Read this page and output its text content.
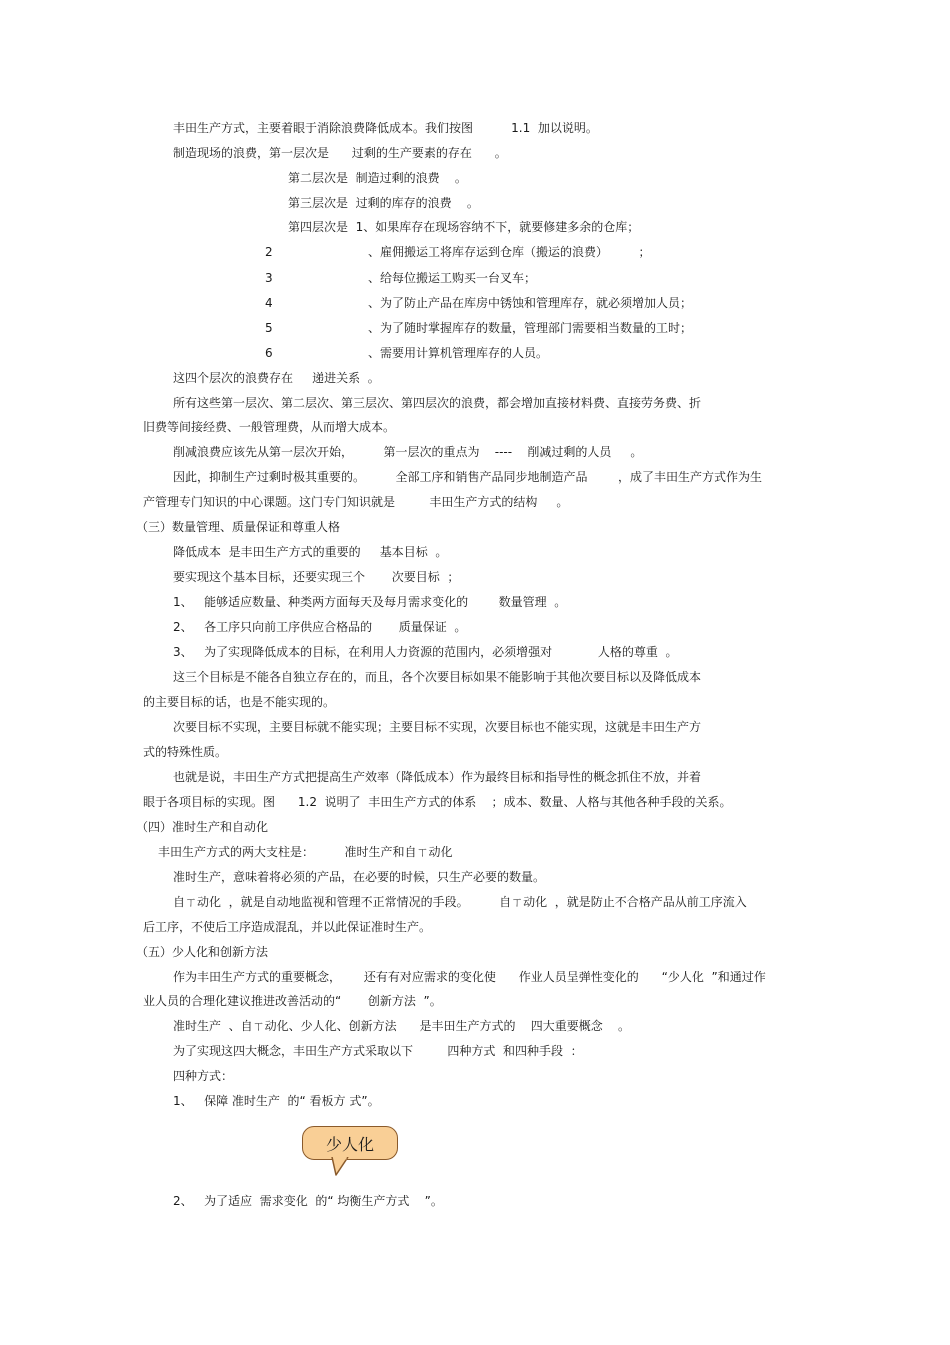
丰田生产方式，主要着眼于消除浪费降低成本。我们按图          1.1  加以说明。
制造现场的浪费，第一层次是      过剩的生产要素的存在      。
第二层次是  制造过剩的浪费    。
第三层次是  过剩的库存的浪费    。
第四层次是  1、如果库存在现场容纳不下，就要修建多余的仓库；
2                         、雇佣搬运工将库存运到仓库（搬运的浪费）        ；
3                         、给每位搬运工购买一台叉车；
4                         、为了防止产品在库房中锈蚀和管理库存，就必须增加人员；
5                         、为了随时掌握库存的数量，管理部门需要相当数量的工时；
6                         、需要用计算机管理库存的人员。
这四个层次的浪费存在     递进关系  。
所有这些第一层次、第二层次、第三层次、第四层次的浪费，都会增加直接材料费、直接劳务费、折
旧费等间接经费、一般管理费，从而增大成本。
削减浪费应该先从第一层次开始，        第一层次的重点为    ----    削减过剩的人员     。
因此，抑制生产过剩时极其重要的。        全部工序和销售产品同步地制造产品        ，成了丰田生产方式作为生
产管理专门知识的中心课题。这门专门知识就是         丰田生产方式的结构     。
（三）数量管理、质量保证和尊重人格
降低成本  是丰田生产方式的重要的     基本目标  。
要实现这个基本目标，还要实现三个       次要目标  ；
1、   能够适应数量、种类两方面每天及每月需求变化的        数量管理  。
2、   各工序只向前工序供应合格品的       质量保证  。
3、   为了实现降低成本的目标，在利用人力资源的范围内，必须增强对            人格的尊重  。
这三个目标是不能各自独立存在的，而且，各个次要目标如果不能影响于其他次要目标以及降低成本
的主要目标的话，也是不能实现的。
次要目标不实现，主要目标就不能实现；主要目标不实现，次要目标也不能实现，这就是丰田生产方
式的特殊性质。
也就是说，丰田生产方式把提高生产效率（降低成本）作为最终目标和指导性的概念抓住不放，并着
眼于各项目标的实现。图      1.2  说明了  丰田生产方式的体系    ；成本、数量、人格与其他各种手段的关系。
（四）准时生产和自动化
丰田生产方式的两大支柱是：        准时生产和自ㄒ动化
准时生产，意味着将必须的产品，在必要的时候，只生产必要的数量。
自ㄒ动化  ，就是自动地监视和管理不正常情况的手段。        自ㄒ动化  ，就是防止不合格产品从前工序流入
后工序，不使后工序造成混乱，并以此保证准时生产。
（五）少人化和创新方法
作为丰田生产方式的重要概念，      还有有对应需求的变化使      作业人员呈弹性变化的      “少人化  ”和通过作
业人员的合理化建议推进改善活动的“       创新方法  ”。
准时生产  、自ㄒ动化、少人化、创新方法      是丰田生产方式的    四大重要概念    。
为了实现这四大概念，丰田生产方式采取以下         四种方式  和四种手段  ：
四种方式：
1、   保障 准时生产  的“ 看板方 式”。
少人化
2、   为了适应  需求变化  的“ 均衡生产方式    ”。
